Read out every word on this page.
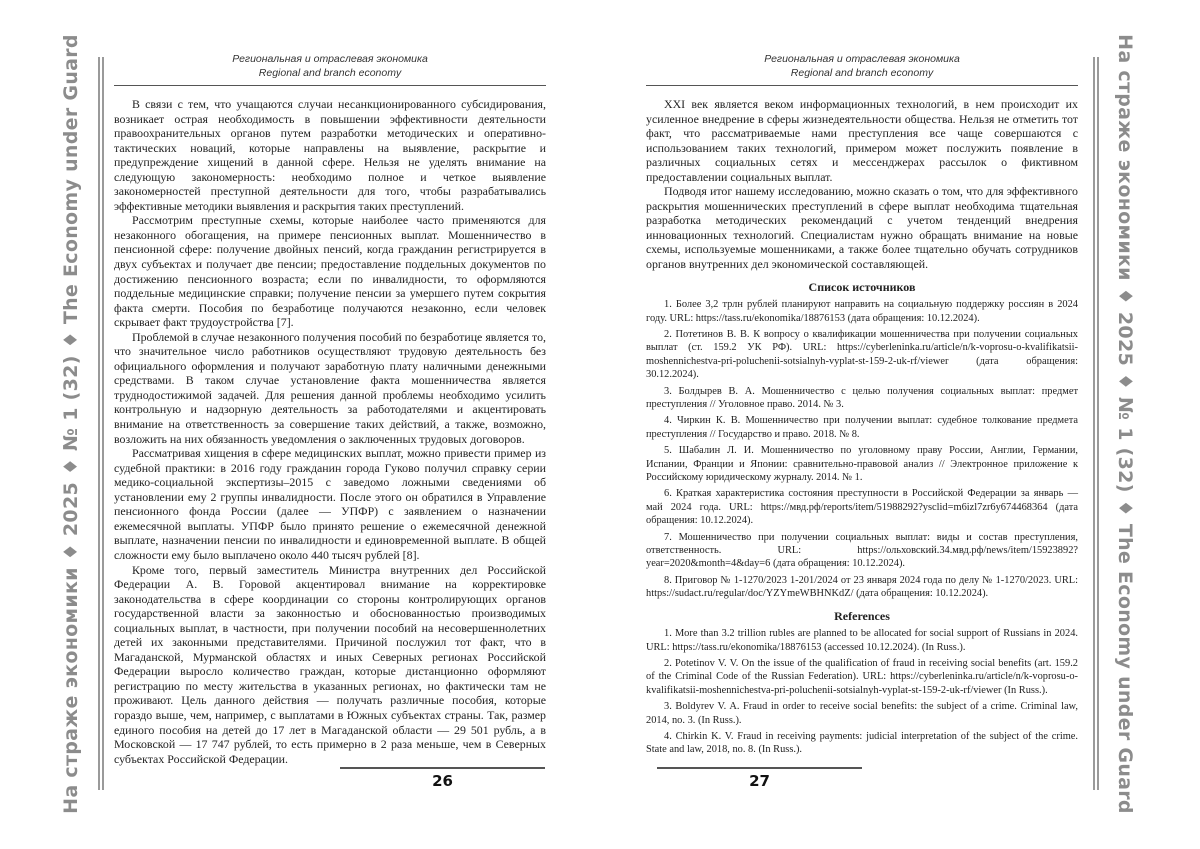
На страже экономики ♦ 2025 ♦ № 1 (32) ♦ The Economy under Guard	На страже экономики ♦ 2025 ♦ № 1 (32) ♦ The Economy under Guard
Региональная и отраслевая экономика
Regional and branch economy

В связи с тем, что учащаются случаи несанкционированного субсидирования, возникает острая необходимость в повышении эффективности деятельности правоохранительных органов путем разработки методических и оперативно-тактических новаций, которые направлены на выявление, раскрытие и предупреждение хищений в данной сфере. Нельзя не уделять внимание на следующую закономерность: необходимо полное и четкое выявление закономерностей преступной деятельности для того, чтобы разрабатывались эффективные методики выявления и раскрытия таких преступлений.

Рассмотрим преступные схемы, которые наиболее часто применяются для незаконного обогащения, на примере пенсионных выплат. Мошенничество в пенсионной сфере: получение двойных пенсий, когда гражданин регистрируется в двух субъектах и получает две пенсии; предоставление поддельных документов по достижению пенсионного возраста; если по инвалидности, то оформляются поддельные медицинские справки; получение пенсии за умершего путем сокрытия факта смерти. Пособия по безработице получаются незаконно, если человек скрывает факт трудоустройства [7].

Проблемой в случае незаконного получения пособий по безработице является то, что значительное число работников осуществляют трудовую деятельность без официального оформления и получают заработную плату наличными денежными средствами. В таком случае установление факта мошенничества является труднодостижимой задачей. Для решения данной проблемы необходимо усилить контрольную и надзорную деятельность за работодателями и акцентировать внимание на ответственность за совершение таких действий, а также, возможно, возложить на них обязанность уведомления о заключенных трудовых договоров.

Рассматривая хищения в сфере медицинских выплат, можно привести пример из судебной практики: в 2016 году гражданин города Гуково получил справку серии медико-социальной экспертизы–2015 с заведомо ложными сведениями об установлении ему 2 группы инвалидности. После этого он обратился в Управление пенсионного фонда России (далее — УПФР) с заявлением о назначении ежемесячной выплаты. УПФР было принято решение о ежемесячной денежной выплате, назначении пенсии по инвалидности и единовременной выплате. В общей сложности ему было выплачено около 440 тысяч рублей [8].

Кроме того, первый заместитель Министра внутренних дел Российской Федерации А. В. Горовой акцентировал внимание на корректировке законодательства в сфере координации со стороны контролирующих органов государственной власти за законностью и обоснованностью производимых социальных выплат, в частности, при получении пособий на несовершеннолетних детей их законными представителями. Причиной послужил тот факт, что в Магаданской, Мурманской областях и иных Северных регионах Российской Федерации выросло количество граждан, которые дистанционно оформляют регистрацию по месту жительства в указанных регионах, но фактически там не проживают. Цель данного действия — получать различные пособия, которые гораздо выше, чем, например, с выплатами в Южных субъектах страны. Так, размер единого пособия на детей до 17 лет в Магаданской области — 29 501 рубль, а в Московской — 17 747 рублей, то есть примерно в 2 раза меньше, чем в Северных субъектах Российской Федерации.

26
Региональная и отраслевая экономика
Regional and branch economy

XXI век является веком информационных технологий, в нем происходит их усиленное внедрение в сферы жизнедеятельности общества. Нельзя не отметить тот факт, что рассматриваемые нами преступления все чаще совершаются с использованием таких технологий, примером может послужить появление в различных социальных сетях и мессенджерах рассылок о фиктивном предоставлении социальных выплат.

Подводя итог нашему исследованию, можно сказать о том, что для эффективного раскрытия мошеннических преступлений в сфере выплат необходима тщательная разработка методических рекомендаций с учетом тенденций внедрения инновационных технологий. Специалистам нужно обращать внимание на новые схемы, используемые мошенниками, а также более тщательно обучать сотрудников органов внутренних дел экономической составляющей.

Список источников

1. Более 3,2 трлн рублей планируют направить на социальную поддержку россиян в 2024 году. URL: https://tass.ru/ekonomika/18876153 (дата обращения: 10.12.2024).

2. Потетинов В. В. К вопросу о квалификации мошенничества при получении социальных выплат (ст. 159.2 УК РФ). URL: https://cyberleninka.ru/article/n/k-voprosu-o-kvalifikatsii-moshennichestva-pri-poluchenii-sotsialnyh-vyplat-st-159-2-uk-rf/viewer (дата обращения: 30.12.2024).

3. Болдырев В. А. Мошенничество с целью получения социальных выплат: предмет преступления // Уголовное право. 2014. № 3.

4. Чиркин К. В. Мошенничество при получении выплат: судебное толкование предмета преступления // Государство и право. 2018. № 8.

5. Шабалин Л. И. Мошенничество по уголовному праву России, Англии, Германии, Испании, Франции и Японии: сравнительно-правовой анализ // Электронное приложение к Российскому юридическому журналу. 2014. № 1.

6. Краткая характеристика состояния преступности в Российской Федерации за январь — май 2024 года. URL: https://мвд.рф/reports/item/51988292?ysclid=m6izl7zr6y674468364 (дата обращения: 10.12.2024).

7. Мошенничество при получении социальных выплат: виды и состав преступления, ответственность. URL: https://ольховский.34.мвд.рф/news/item/15923892?year=2020&month=4&day=6 (дата обращения: 10.12.2024).

8. Приговор № 1-1270/2023 1-201/2024 от 23 января 2024 года по делу № 1-1270/2023. URL: https://sudact.ru/regular/doc/YZYmeWBHNKdZ/ (дата обращения: 10.12.2024).

References

1. More than 3.2 trillion rubles are planned to be allocated for social support of Russians in 2024. URL: https://tass.ru/ekonomika/18876153 (accessed 10.12.2024). (In Russ.).

2. Potetinov V. V. On the issue of the qualification of fraud in receiving social benefits (art. 159.2 of the Criminal Code of the Russian Federation). URL: https://cyberleninka.ru/article/n/k-voprosu-o-kvalifikatsii-moshennichestva-pri-poluchenii-sotsialnyh-vyplat-st-159-2-uk-rf/viewer (In Russ.).

3. Boldyrev V. A. Fraud in order to receive social benefits: the subject of a crime. Criminal law, 2014, no. 3. (In Russ.).

4. Chirkin K. V. Fraud in receiving payments: judicial interpretation of the subject of the crime. State and law, 2018, no. 8. (In Russ.).

27
